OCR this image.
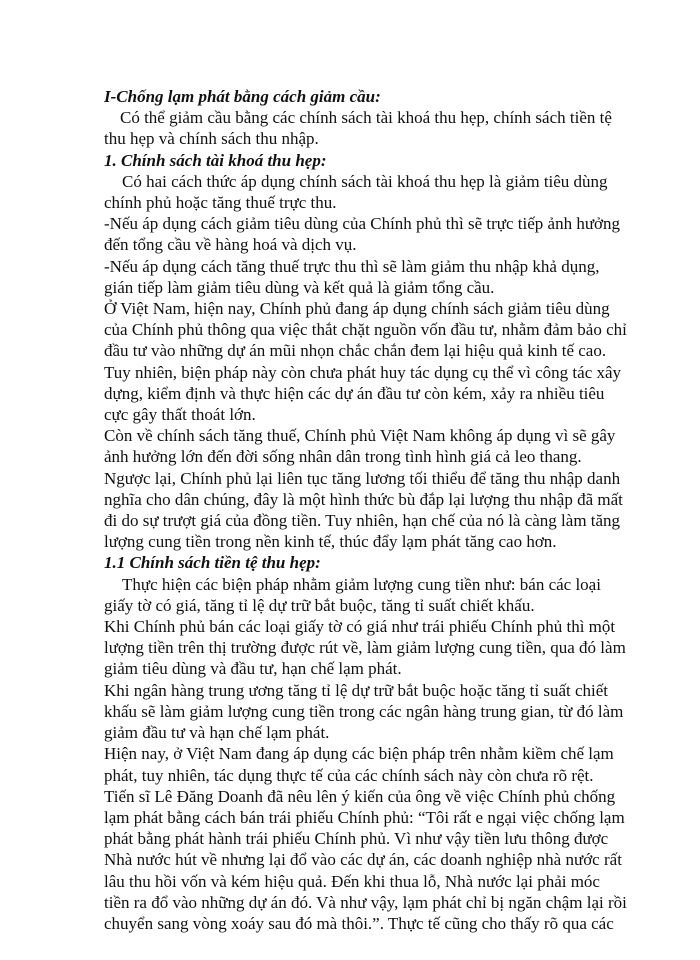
I-Chống lạm phát bằng cách giảm cầu:
Có thể giảm cầu bằng các chính sách tài khoá thu hẹp, chính sách tiền tệ
thu hẹp và chính sách thu nhập.
1. Chính sách tài khoá thu hẹp:
Có hai cách thức áp dụng chính sách tài khoá thu hẹp là giảm tiêu dùng
chính phủ hoặc tăng thuế trực thu.
-Nếu áp dụng cách giảm tiêu dùng của Chính phủ thì sẽ trực tiếp ảnh hưởng
đến tổng cầu về hàng hoá và dịch vụ.
-Nếu áp dụng cách tăng thuế trực thu thì sẽ làm giảm thu nhập khả dụng,
gián tiếp làm giảm tiêu dùng và kết quả là giảm tổng cầu.
Ở Việt Nam, hiện nay, Chính phủ đang áp dụng chính sách giảm tiêu dùng
của Chính phủ thông qua việc thắt chặt nguồn vốn đầu tư, nhằm đảm bảo chỉ
đầu tư vào những dự án mũi nhọn chắc chắn đem lại hiệu quả kinh tế cao.
Tuy nhiên, biện pháp này còn chưa phát huy tác dụng cụ thể vì công tác xây
dựng, kiểm định và thực hiện các dự án đầu tư còn kém, xảy ra nhiều tiêu
cực gây thất thoát lớn.
Còn về chính sách tăng thuế, Chính phủ Việt Nam không áp dụng vì sẽ gây
ảnh hưởng lớn đến đời sống nhân dân trong tình hình giá cả leo thang.
Ngược lại, Chính phủ lại liên tục tăng lương tối thiểu để tăng thu nhập danh
nghĩa cho dân chúng, đây là một hình thức bù đắp lại lượng thu nhập đã mất
đi do sự trượt giá của đồng tiền. Tuy nhiên, hạn chế của nó là càng làm tăng
lượng cung tiền trong nền kinh tế, thúc đẩy lạm phát tăng cao hơn.
1.1 Chính sách tiền tệ thu hẹp:
Thực hiện các biện pháp nhằm giảm lượng cung tiền như: bán các loại
giấy tờ có giá, tăng tỉ lệ dự trữ bắt buộc, tăng tỉ suất chiết khấu.
Khi Chính phủ bán các loại giấy tờ có giá như trái phiếu Chính phủ thì một
lượng tiền trên thị trường được rút về, làm giảm lượng cung tiền, qua đó làm
giảm tiêu dùng và đầu tư, hạn chế lạm phát.
Khi ngân hàng trung ương tăng tỉ lệ dự trữ bắt buộc hoặc tăng tỉ suất chiết
khấu sẽ làm giảm lượng cung tiền trong các ngân hàng trung gian, từ đó làm
giảm đầu tư và hạn chế lạm phát.
Hiện nay, ở Việt Nam đang áp dụng các biện pháp trên nhằm kiềm chế lạm
phát, tuy nhiên, tác dụng thực tế của các chính sách này còn chưa rõ rệt.
Tiến sĩ Lê Đăng Doanh đã nêu lên ý kiến của ông về việc Chính phủ chống
lạm phát bằng cách bán trái phiếu Chính phủ: “Tôi rất e ngại việc chống lạm
phát bằng phát hành trái phiếu Chính phủ. Vì như vậy tiền lưu thông được
Nhà nước hút về nhưng lại đổ vào các dự án, các doanh nghiệp nhà nước rất
lâu thu hồi vốn và kém hiệu quả. Đến khi thua lỗ, Nhà nước lại phải móc
tiền ra đổ vào những dự án đó. Và như vậy, lạm phát chỉ bị ngăn chậm lại rồi
chuyển sang vòng xoáy sau đó mà thôi.”. Thực tế cũng cho thấy rõ qua các
